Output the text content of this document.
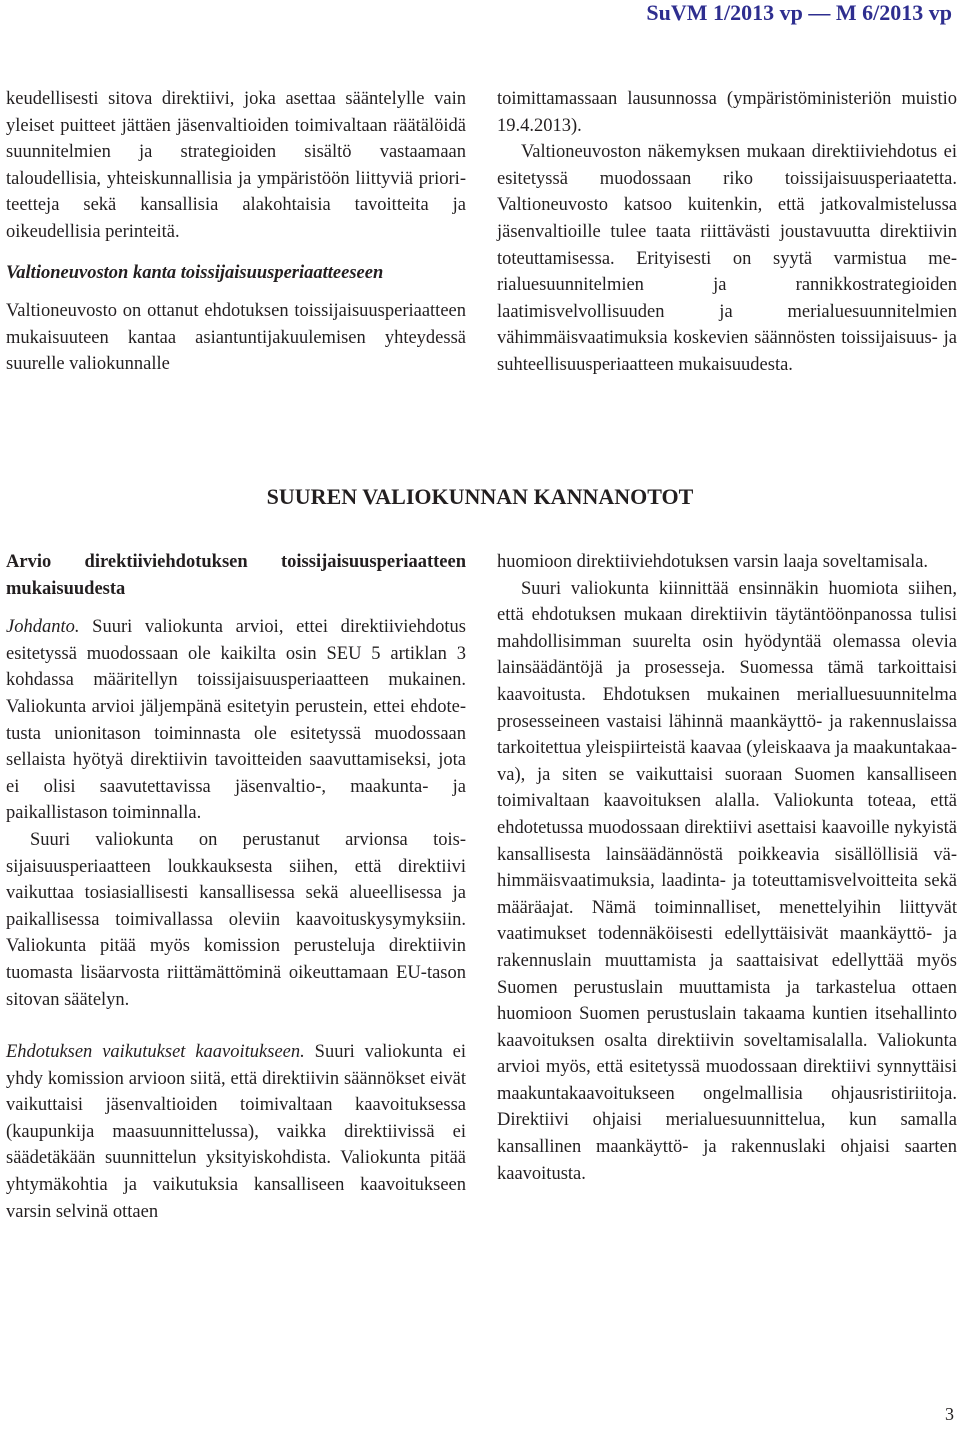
SuVM 1/2013 vp — M 6/2013 vp

keudellisesti sitova direktiivi, joka asettaa sääntelylle vain yleiset puitteet jättäen jäsenvaltioiden toimivaltaan räätälöidä suunnitelmien ja strategioiden sisältö vastaamaan taloudellisia, yhteiskunnallisia ja ympäristöön liittyviä prioriteetteja sekä kansallisia alakohtaisia tavoitteita ja oikeudellisia perinteitä.

Valtioneuvoston kanta toissijaisuusperiaatteeseen

Valtioneuvosto on ottanut ehdotuksen toissijaisuusperiaatteen mukaisuuteen kantaa asiantuntijakuulemisen yhteydessä suurelle valiokunnalle

toimittamassaan lausunnossa (ympäristöministeriön muistio 19.4.2013).

Valtioneuvoston näkemyksen mukaan direktiiviehdotus ei esitetyssä muodossaan riko toissijaisuusperiaatetta. Valtioneuvosto katsoo kuitenkin, että jatkovalmistelussa jäsenvaltioille tulee taata riittävästi joustavuutta direktiivin toteuttamisessa. Erityisesti on syytä varmistua merialuesuunnitelmien ja rannikkostrategioiden laatimisvelvollisuuden ja merialuesuunnitelmien vähimmäisvaatimuksia koskevien säännösten toissijaisuus- ja suhteellisuusperiaatteen mukaisuudesta.

SUUREN VALIOKUNNAN KANNANOTOT

Arvio direktiiviehdotuksen toissijaisuusperiaatteen mukaisuudesta

Johdanto. Suuri valiokunta arvioi, ettei direktiiviehdotus esitetyssä muodossaan ole kaikilta osin SEU 5 artiklan 3 kohdassa määritellyn toissijaisuusperiaatteen mukainen. Valiokunta arvioi jäljempänä esitetyin perustein, ettei ehdotetusta unionitason toiminnasta ole esitetyssä muodossaan sellaista hyötyä direktiivin tavoitteiden saavuttamiseksi, jota ei olisi saavutettavissa jäsenvaltio-, maakunta- ja paikallistason toiminnalla.

Suuri valiokunta on perustanut arvionsa toissijaisuusperiaatteen loukkauksesta siihen, että direktiivi vaikuttaa tosiasiallisesti kansallisessa sekä alueellisessa ja paikallisessa toimivallassa oleviin kaavoituskysymyksiin. Valiokunta pitää myös komission perusteluja direktiivin tuomasta lisäarvosta riittämättöminä oikeuttamaan EU-tason sitovan säätelyn.

Ehdotuksen vaikutukset kaavoitukseen. Suuri valiokunta ei yhdy komission arvioon siitä, että direktiivin säännökset eivät vaikuttaisi jäsenvaltioiden toimivaltaan kaavoituksessa (kaupunkija maasuunnittelussa), vaikka direktiivissä ei säädetäkään suunnittelun yksityiskohdista. Valiokunta pitää yhtymäkohtia ja vaikutuksia kansalliseen kaavoitukseen varsin selvinä ottaen

huomioon direktiiviehdotuksen varsin laaja soveltamisala.

Suuri valiokunta kiinnittää ensinnäkin huomiota siihen, että ehdotuksen mukaan direktiivin täytäntöönpanossa tulisi mahdollisimman suurelta osin hyödyntää olemassa olevia lainsäädäntöjä ja prosesseja. Suomessa tämä tarkoittaisi kaavoitusta. Ehdotuksen mukainen merialluesuunnitelma prosesseineen vastaisi lähinnä maankäyttö- ja rakennuslaissa tarkoitettua yleispiirteistä kaavaa (yleiskaava ja maakuntakaava), ja siten se vaikuttaisi suoraan Suomen kansalliseen toimivaltaan kaavoituksen alalla. Valiokunta toteaa, että ehdotetussa muodossaan direktiivi asettaisi kaavoille nykyistä kansallisesta lainsäädännöstä poikkeavia sisällöllisiä vähimmäisvaatimuksia, laadinta- ja toteuttamisvelvoitteita sekä määräajat. Nämä toiminnalliset, menettelyihin liittyvät vaatimukset todennäköisesti edellyttäisivät maankäyttö- ja rakennuslain muuttamista ja saattaisivat edellyttää myös Suomen perustuslain muuttamista ja tarkastelua ottaen huomioon Suomen perustuslain takaama kuntien itsehallinto kaavoituksen osalta direktiivin soveltamisalalla. Valiokunta arvioi myös, että esitetyssä muodossaan direktiivi synnyttäisi maakuntakaavoitukseen ongelmallisia ohjausristiriitoja. Direktiivi ohjaisi merialuesuunnittelua, kun samalla kansallinen maankäyttö- ja rakennuslaki ohjaisi saarten kaavoitusta.

3
